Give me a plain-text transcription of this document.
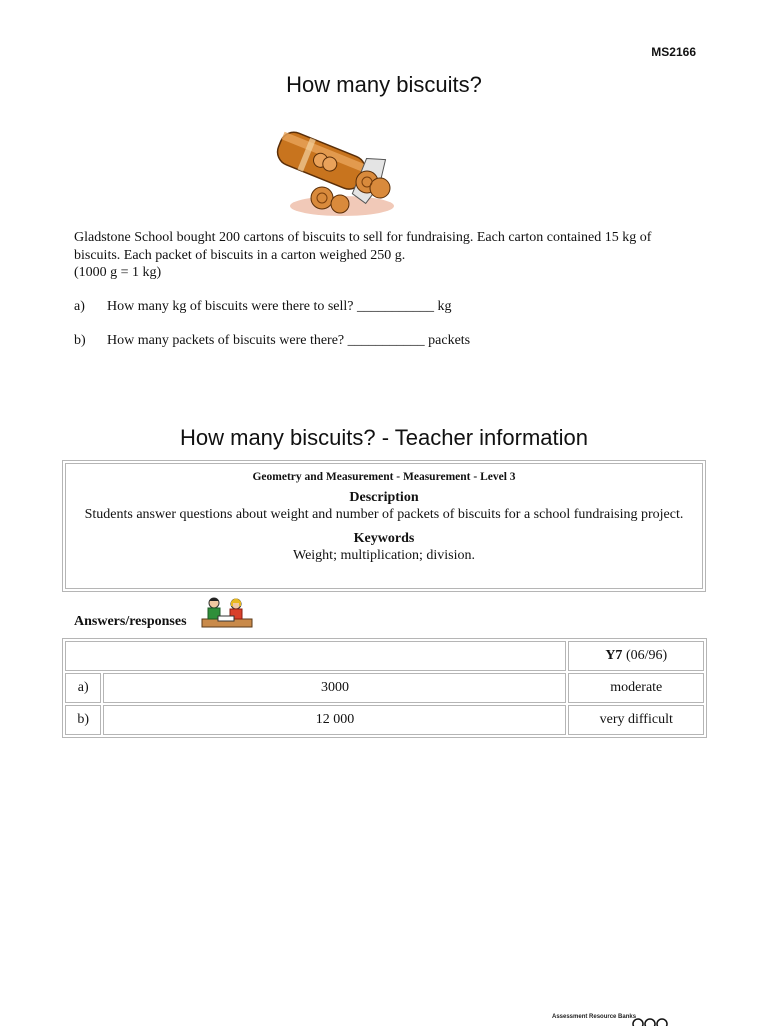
MS2166
How many biscuits?
Gladstone School bought 200 cartons of biscuits to sell for fundraising. Each carton contained 15 kg of biscuits. Each packet of biscuits in a carton weighed 250 g.
(1000 g = 1 kg)
a) How many kg of biscuits were there to sell? ___________ kg
b) How many packets of biscuits were there? ___________ packets
How many biscuits? - Teacher information
Geometry and Measurement - Measurement - Level 3
Description
Students answer questions about weight and number of packets of biscuits for a school fundraising project.
Keywords
Weight; multiplication; division.
Answers/responses
		Y7 (06/96)
a)	3000	moderate
b)	12 000	very difficult
Assessment Resource Banks
